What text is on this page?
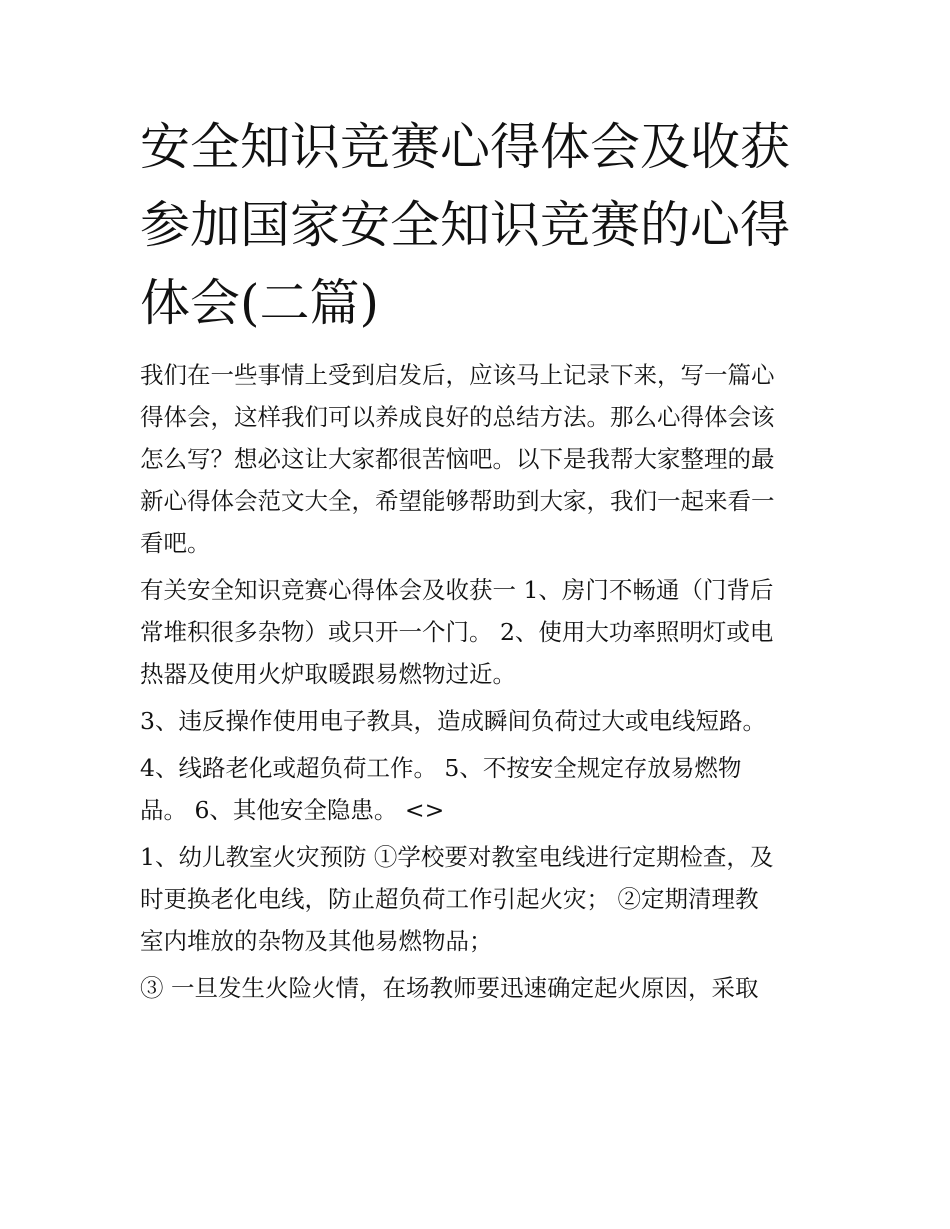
安全知识竞赛心得体会及收获
参加国家安全知识竞赛的心得
体会(二篇)

我们在一些事情上受到启发后，应该马上记录下来，写一篇心
得体会，这样我们可以养成良好的总结方法。那么心得体会该
怎么写？想必这让大家都很苦恼吧。以下是我帮大家整理的最
新心得体会范文大全，希望能够帮助到大家，我们一起来看一
看吧。

有关安全知识竞赛心得体会及收获一 1、房门不畅通（门背后
常堆积很多杂物）或只开一个门。 2、使用大功率照明灯或电
热器及使用火炉取暖跟易燃物过近。

3、违反操作使用电子教具，造成瞬间负荷过大或电线短路。

4、线路老化或超负荷工作。 5、不按安全规定存放易燃物
品。 6、其他安全隐患。 <>

1、幼儿教室火灾预防 ①学校要对教室电线进行定期检查，及
时更换老化电线，防止超负荷工作引起火灾； ②定期清理教
室内堆放的杂物及其他易燃物品；

③ 一旦发生火险火情，在场教师要迅速确定起火原因，采取
